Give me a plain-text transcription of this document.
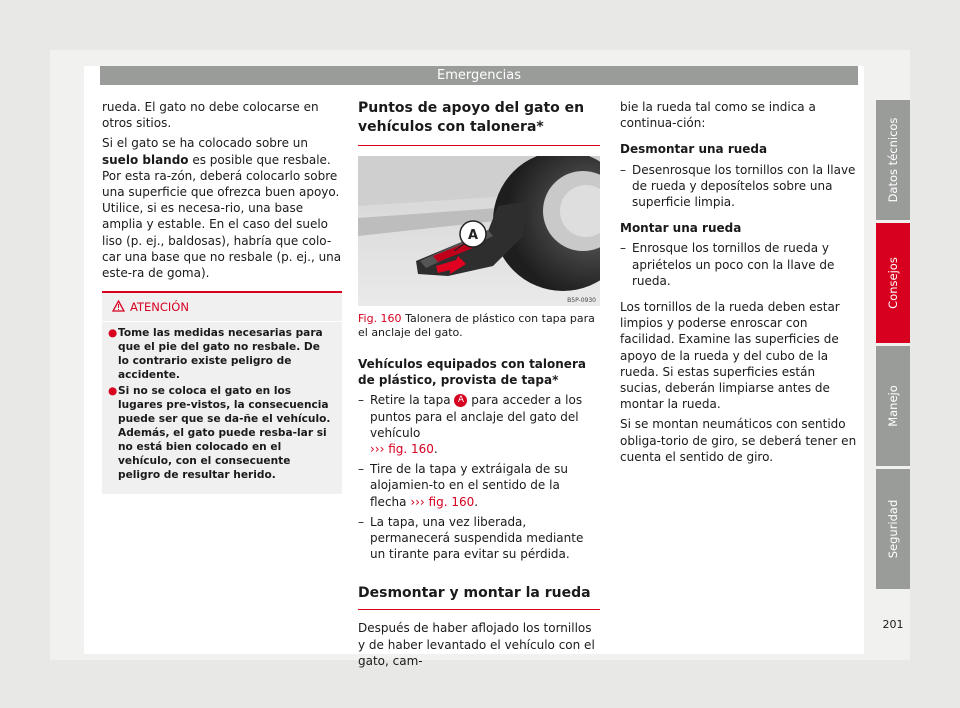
Emergencias

rueda. El gato no debe colocarse en otros sitios.

Si el gato se ha colocado sobre un suelo blando es posible que resbale. Por esta ra-zón, deberá colocarlo sobre una superficie que ofrezca buen apoyo. Utilice, si es necesa-rio, una base amplia y estable. En el caso del suelo liso (p. ej., baldosas), habría que colo-car una base que no resbale (p. ej., una este-ra de goma).

ATENCIÓN
● Tome las medidas necesarias para que el pie del gato no resbale. De lo contrario existe peligro de accidente.
● Si no se coloca el gato en los lugares pre-vistos, la consecuencia puede ser que se da-ñe el vehículo. Además, el gato puede resba-lar si no está bien colocado en el vehículo, con el consecuente peligro de resultar herido.
Puntos de apoyo del gato en vehículos con talonera*
A
B5P-0930
Fig. 160 Talonera de plástico con tapa para el anclaje del gato.

Vehículos equipados con talonera de plástico, provista de tapa*

– Retire la tapa A para acceder a los puntos para el anclaje del gato del vehículo
››› fig. 160.
– Tire de la tapa y extráigala de su alojamien-to en el sentido de la flecha ››› fig. 160.
– La tapa, una vez liberada, permanecerá suspendida mediante un tirante para evitar su pérdida.
Desmontar y montar la rueda

Después de haber aflojado los tornillos y de haber levantado el vehículo con el gato, cam-

bie la rueda tal como se indica a continua-ción:

Desmontar una rueda

– Desenrosque los tornillos con la llave de rueda y deposítelos sobre una superficie limpia.

Montar una rueda

– Enrosque los tornillos de rueda y apriételos un poco con la llave de rueda.

Los tornillos de la rueda deben estar limpios y poderse enroscar con facilidad. Examine las superficies de apoyo de la rueda y del cubo de la rueda. Si estas superficies están sucias, deberán limpiarse antes de montar la rueda.

Si se montan neumáticos con sentido obliga-torio de giro, se deberá tener en cuenta el sentido de giro.

Datos técnicos
Consejos
Manejo
Seguridad
201
